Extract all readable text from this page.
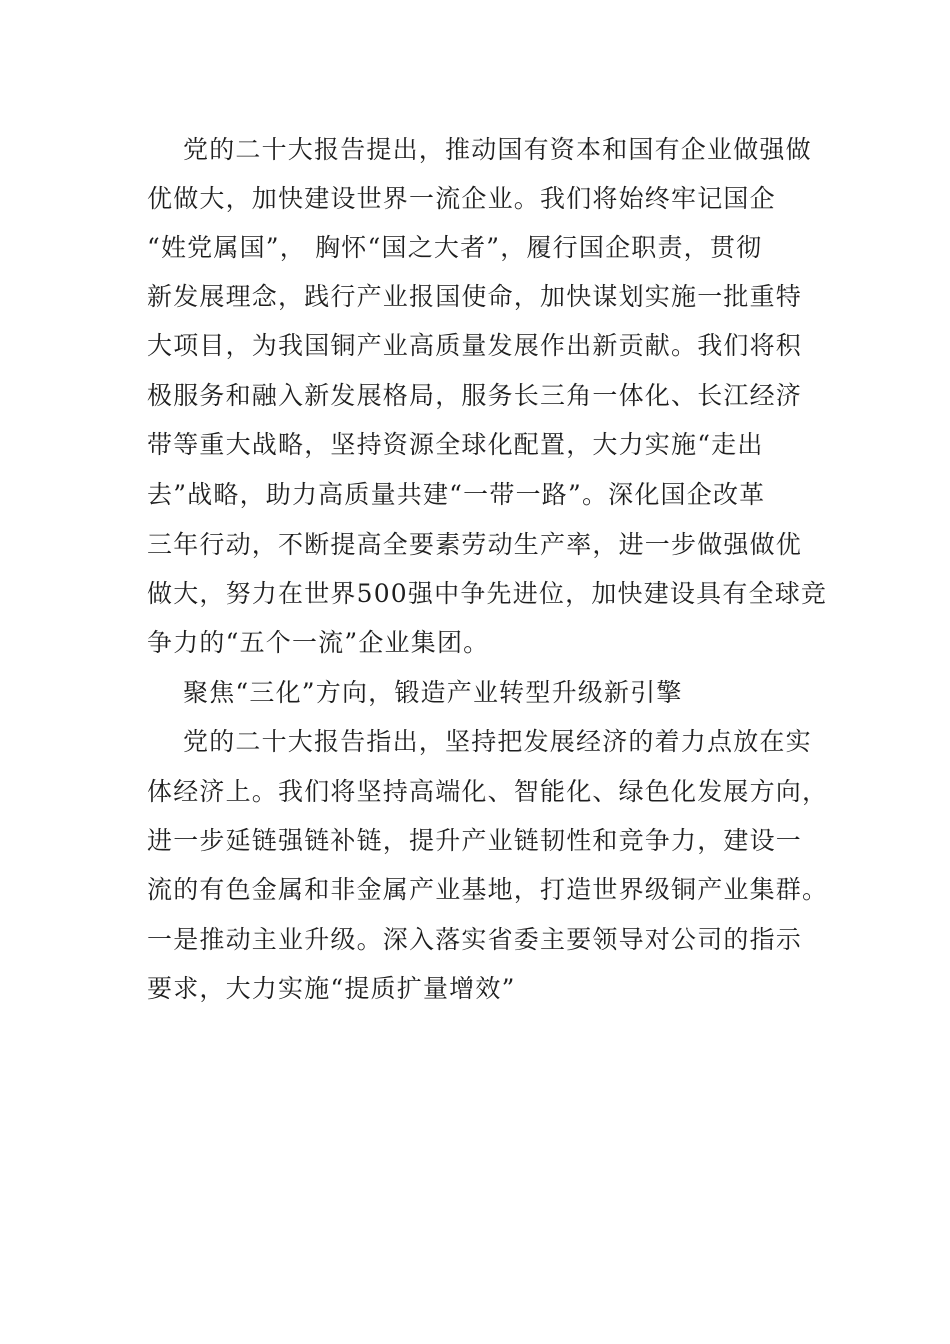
党的二十大报告提出，推动国有资本和国有企业做强做
优做大，加快建设世界一流企业。我们将始终牢记国企
“姓党属国”， 胸怀“国之大者”，履行国企职责，贯彻
新发展理念，践行产业报国使命，加快谋划实施一批重特
大项目，为我国铜产业高质量发展作出新贡献。我们将积
极服务和融入新发展格局，服务长三角一体化、长江经济
带等重大战略，坚持资源全球化配置，大力实施“走出
去”战略，助力高质量共建“一带一路”。深化国企改革
三年行动，不断提高全要素劳动生产率，进一步做强做优
做大，努力在世界500强中争先进位，加快建设具有全球竞
争力的“五个一流”企业集团。
聚焦“三化”方向，锻造产业转型升级新引擎
党的二十大报告指出，坚持把发展经济的着力点放在实
体经济上。我们将坚持高端化、智能化、绿色化发展方向，
进一步延链强链补链，提升产业链韧性和竞争力，建设一
流的有色金属和非金属产业基地，打造世界级铜产业集群。
一是推动主业升级。深入落实省委主要领导对公司的指示
要求，大力实施“提质扩量增效”
